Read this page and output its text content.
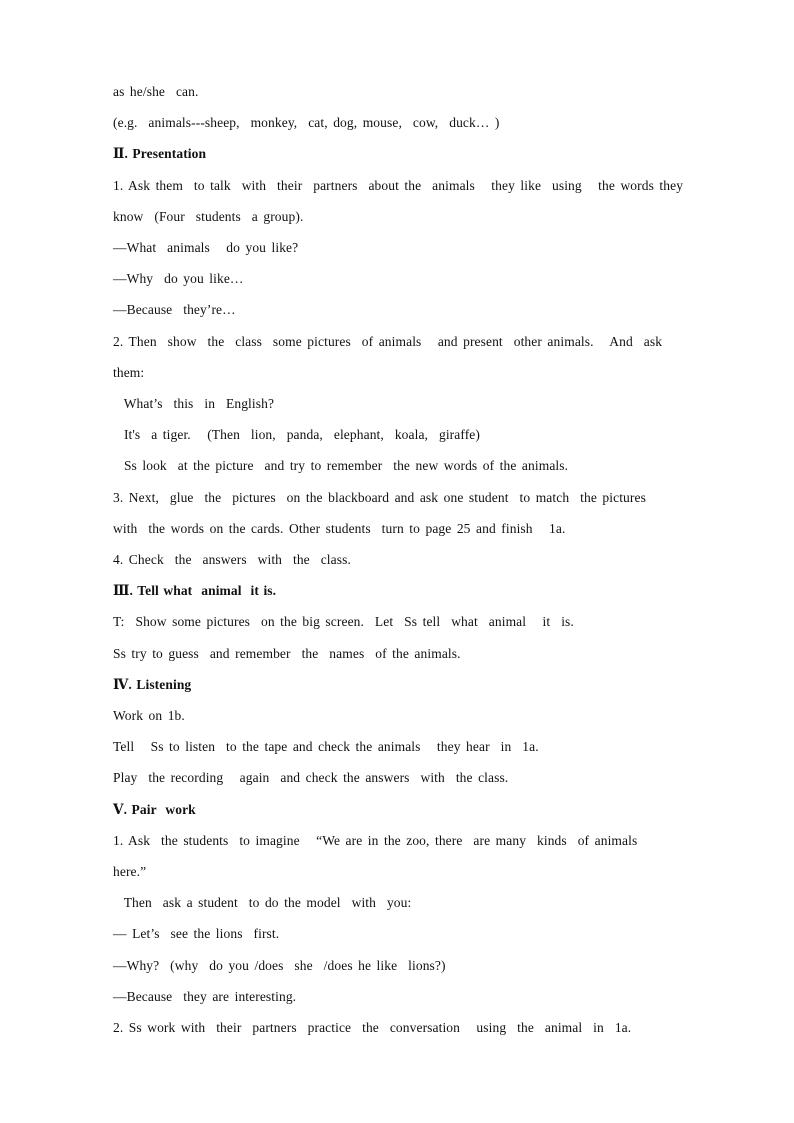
as he/she  can.
(e.g.  animals---sheep,  monkey,  cat, dog, mouse,  cow,  duck… )
Ⅱ. Presentation
1. Ask them  to talk  with  their  partners  about the  animals   they like  using   the words they
know  (Four  students  a group).
—What  animals   do you like?
—Why  do you like…
—Because  they’re…
2. Then  show  the  class  some pictures  of animals   and present  other animals.   And  ask
them:
What’s  this  in  English?
It's  a tiger.   (Then  lion,  panda,  elephant,  koala,  giraffe)
Ss look  at the picture  and try to remember  the new words of the animals.
3. Next,  glue  the  pictures  on the blackboard and ask one student  to match  the pictures
with  the words on the cards. Other students  turn to page 25 and finish   1a.
4. Check  the  answers  with  the  class.
Ⅲ. Tell what  animal  it is.
T:  Show some pictures  on the big screen.  Let  Ss tell  what  animal   it  is.
Ss try to guess  and remember  the  names  of the animals.
Ⅳ. Listening
Work on 1b.
Tell   Ss to listen  to the tape and check the animals   they hear  in  1a.
Play  the recording   again  and check the answers  with  the class.
Ⅴ. Pair  work
1. Ask  the students  to imagine   “We are in the zoo, there  are many  kinds  of animals
here.”
Then  ask a student  to do the model  with  you:
— Let’s  see the lions  first.
—Why?  (why  do you /does  she  /does he like  lions?)
—Because  they are interesting.
2. Ss work with  their  partners  practice  the  conversation   using  the  animal  in  1a.
